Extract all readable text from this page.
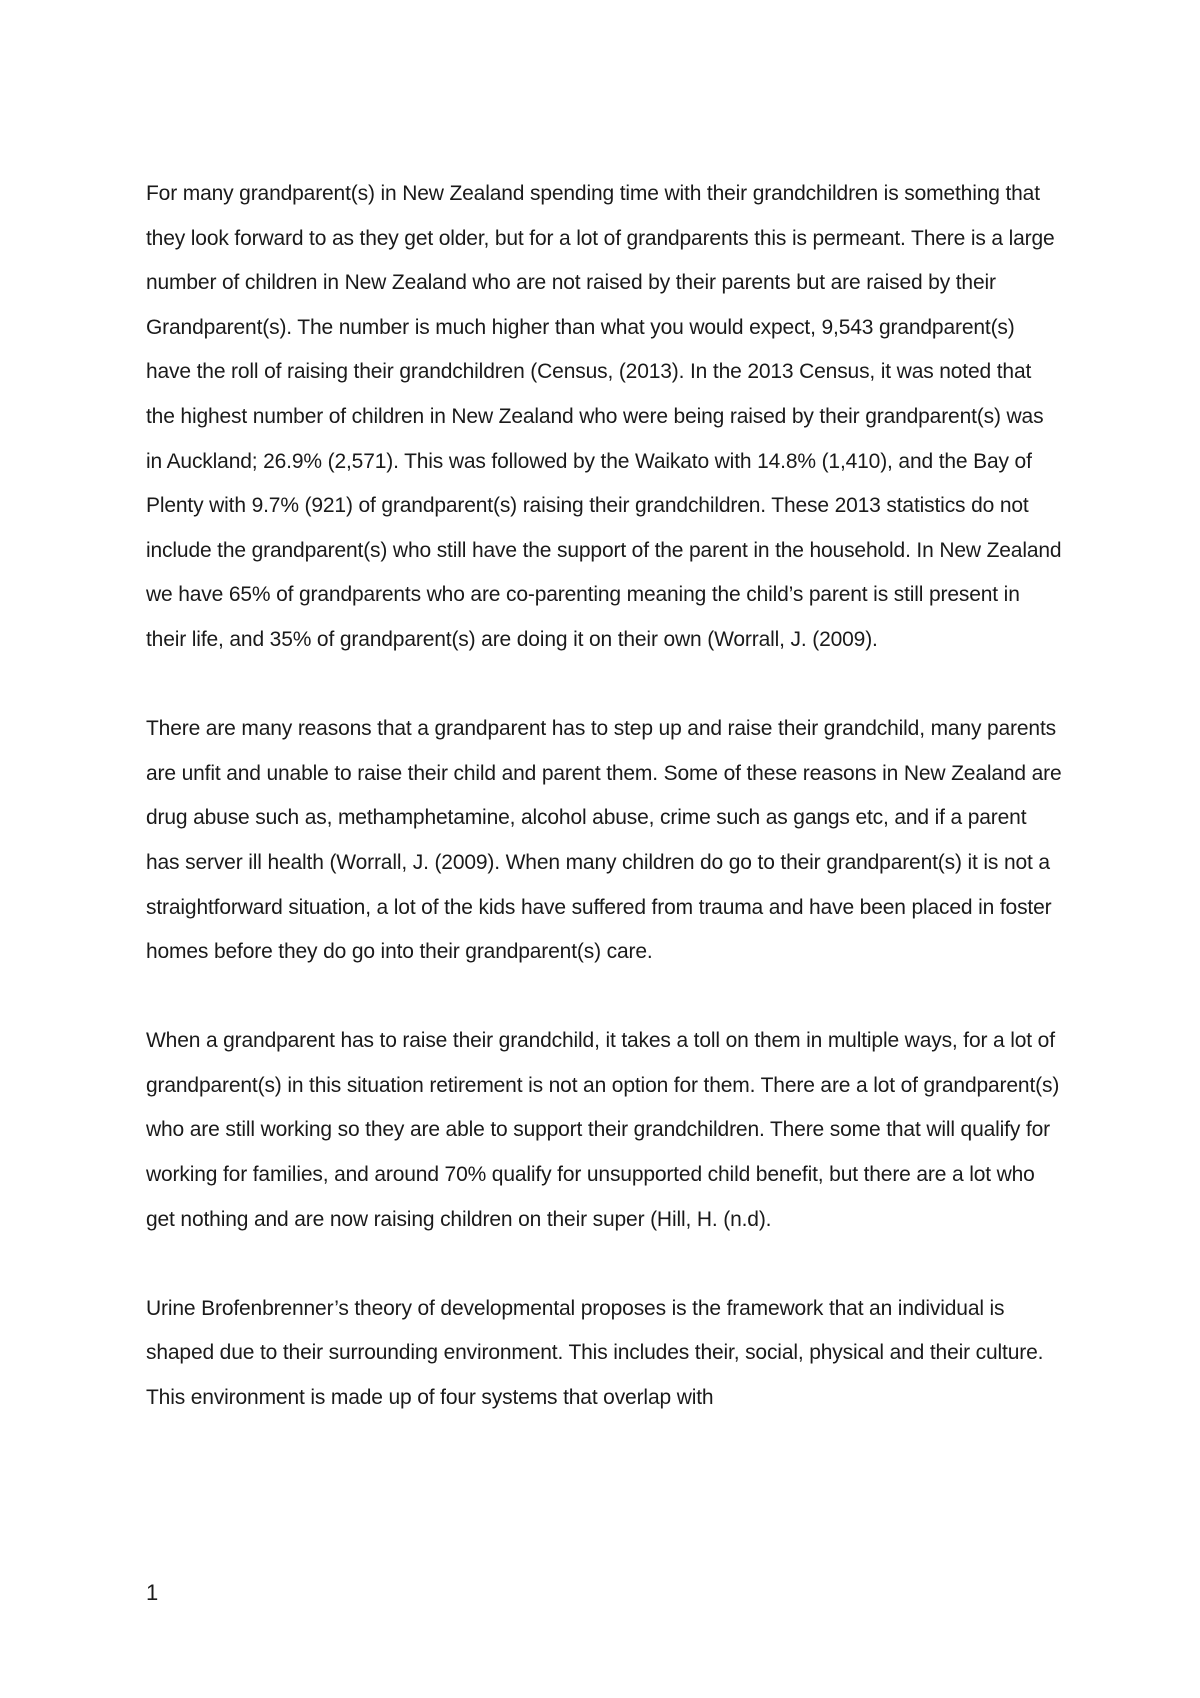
For many grandparent(s) in New Zealand spending time with their grandchildren is something that they look forward to as they get older, but for a lot of grandparents this is permeant. There is a large number of children in New Zealand who are not raised by their parents but are raised by their Grandparent(s). The number is much higher than what you would expect, 9,543 grandparent(s) have the roll of raising their grandchildren (Census, (2013). In the 2013 Census, it was noted that the highest number of children in New Zealand who were being raised by their grandparent(s) was in Auckland; 26.9% (2,571). This was followed by the Waikato with 14.8% (1,410), and the Bay of Plenty with 9.7% (921) of grandparent(s) raising their grandchildren. These 2013 statistics do not include the grandparent(s) who still have the support of the parent in the household. In New Zealand we have 65% of grandparents who are co-parenting meaning the child’s parent is still present in their life, and 35% of grandparent(s) are doing it on their own (Worrall, J. (2009).

There are many reasons that a grandparent has to step up and raise their grandchild, many parents are unfit and unable to raise their child and parent them. Some of these reasons in New Zealand are drug abuse such as, methamphetamine, alcohol abuse, crime such as gangs etc, and if a parent has server ill health (Worrall, J. (2009). When many children do go to their grandparent(s) it is not a straightforward situation, a lot of the kids have suffered from trauma and have been placed in foster homes before they do go into their grandparent(s) care.

When a grandparent has to raise their grandchild, it takes a toll on them in multiple ways, for a lot of grandparent(s) in this situation retirement is not an option for them. There are a lot of grandparent(s) who are still working so they are able to support their grandchildren. There some that will qualify for working for families, and around 70% qualify for unsupported child benefit, but there are a lot who get nothing and are now raising children on their super (Hill, H. (n.d).

Urine Brofenbrenner’s theory of developmental proposes is the framework that an individual is shaped due to their surrounding environment. This includes their, social, physical and their culture. This environment is made up of four systems that overlap with

1
